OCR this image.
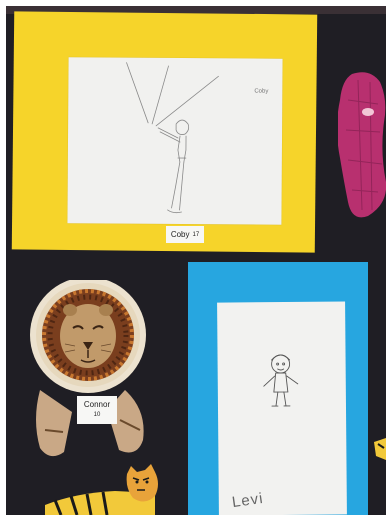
Coby
Coby 17
Connor
10
Levi
